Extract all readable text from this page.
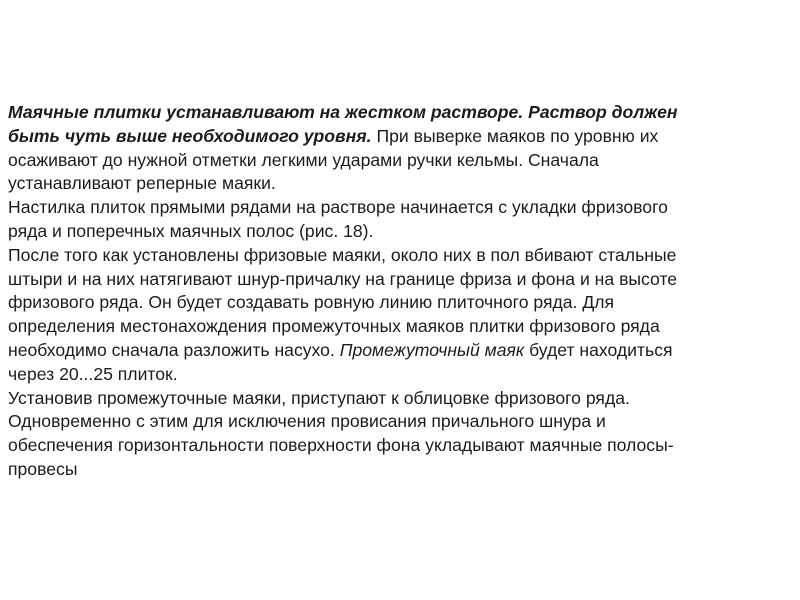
Маячные плитки устанавливают на жестком растворе. Раствор должен
быть чуть выше необходимого уровня. При выверке маяков по уровню их
осаживают до нужной отметки легкими ударами ручки кельмы. Сначала
устанавливают реперные маяки.
Настилка плиток прямыми рядами на растворе начинается с укладки фризового
ряда и поперечных маячных полос (рис. 18).
После того как установлены фризовые маяки, около них в пол вбивают стальные
штыри и на них натягивают шнур-причалку на границе фриза и фона и на высоте
фризового ряда. Он будет создавать ровную линию плиточного ряда. Для
определения местонахождения промежуточных маяков плитки фризового ряда
необходимо сначала разложить насухо. Промежуточный маяк будет находиться
через 20...25 плиток.
Установив промежуточные маяки, приступают к облицовке фризового ряда.
Одновременно с этим для исключения провисания причального шнура и
обеспечения горизонтальности поверхности фона укладывают маячные полосы-
провесы
